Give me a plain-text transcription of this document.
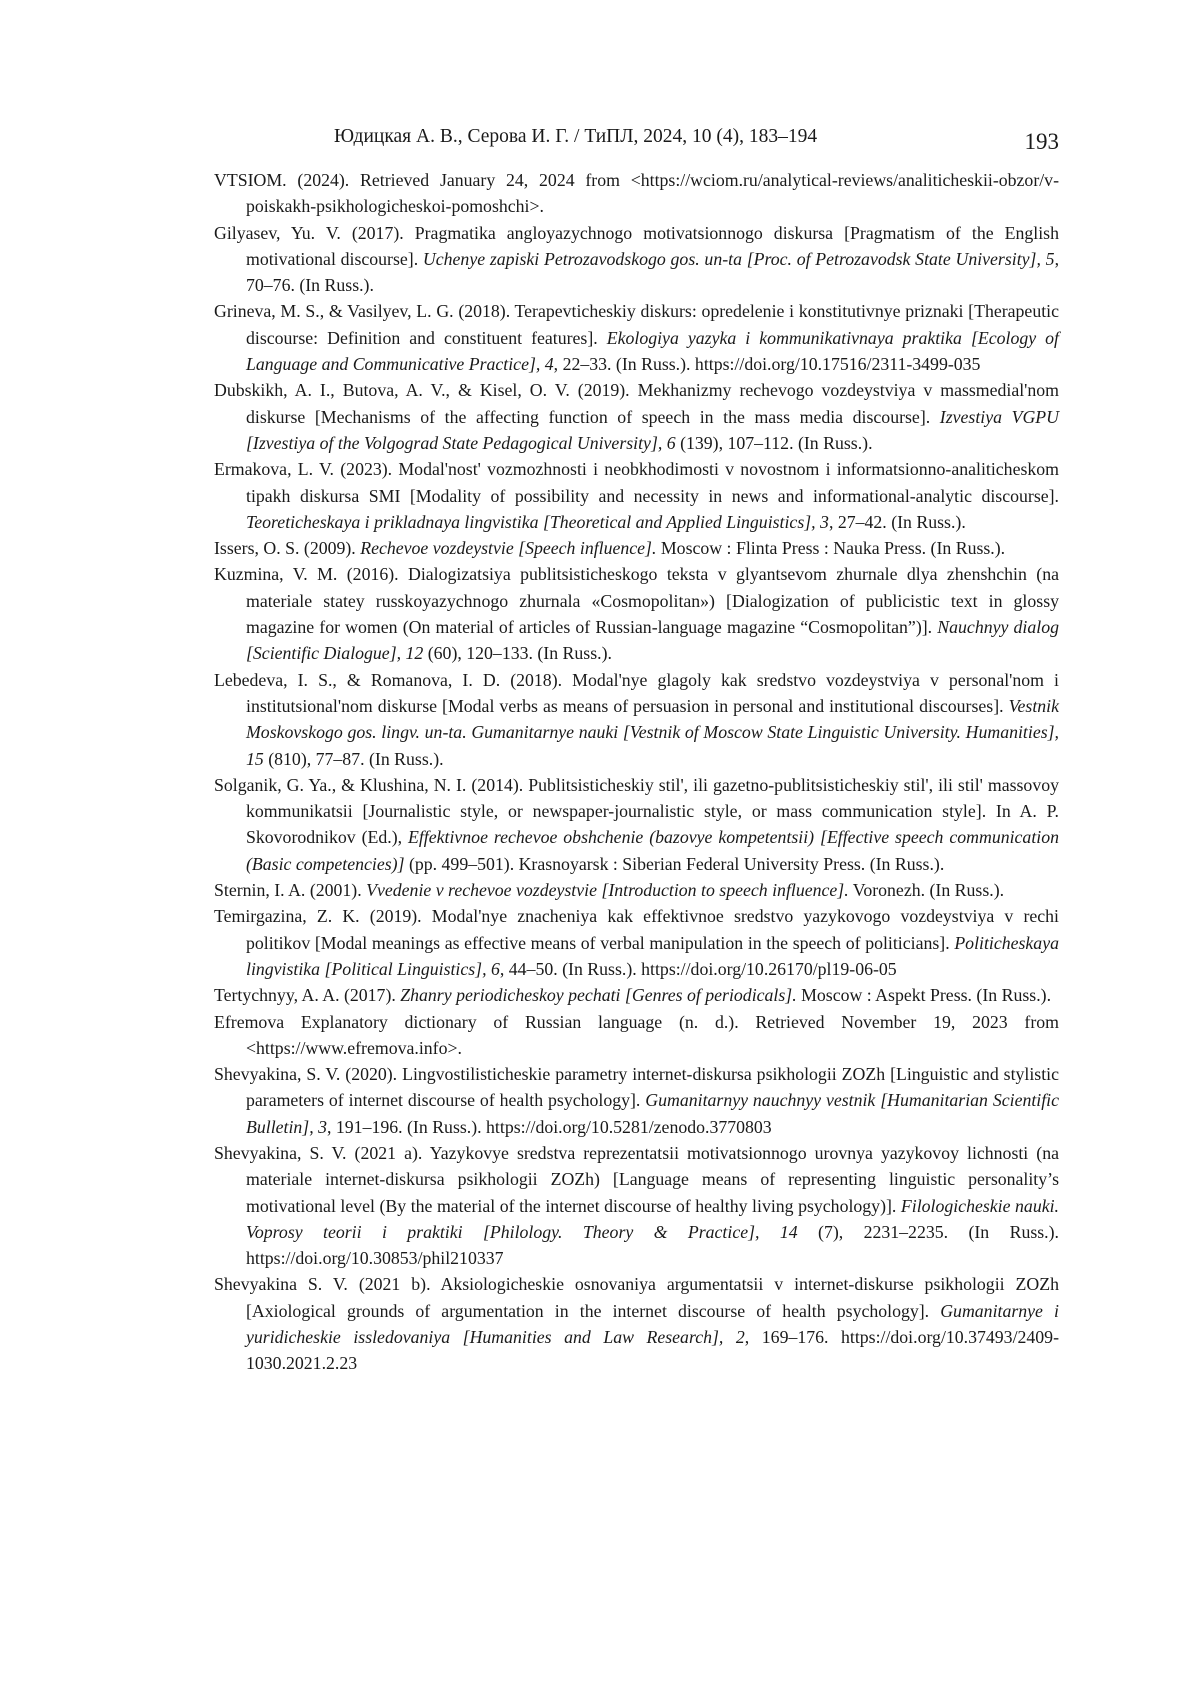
Юдицкая А. В., Серова И. Г. / ТиПЛ, 2024, 10 (4), 183–194	193
VTSIOM. (2024). Retrieved January 24, 2024 from <https://wciom.ru/analytical-reviews/analiticheskii-obzor/v-poiskakh-psikhologicheskoi-pomoshchi>.
Gilyasev, Yu. V. (2017). Pragmatika angloyazychnogo motivatsionnogo diskursa [Pragmatism of the English motivational discourse]. Uchenye zapiski Petrozavodskogo gos. un-ta [Proc. of Petrozavodsk State University], 5, 70–76. (In Russ.).
Grineva, M. S., & Vasilyev, L. G. (2018). Terapevticheskiy diskurs: opredelenie i konstitutivnye priznaki [Therapeutic discourse: Definition and constituent features]. Ekologiya yazyka i kommunikativnaya praktika [Ecology of Language and Communicative Practice], 4, 22–33. (In Russ.). https://doi.org/10.17516/2311-3499-035
Dubskikh, A. I., Butova, A. V., & Kisel, O. V. (2019). Mekhanizmy rechevogo vozdeystviya v massmedial'nom diskurse [Mechanisms of the affecting function of speech in the mass media discourse]. Izvestiya VGPU [Izvestiya of the Volgograd State Pedagogical University], 6 (139), 107–112. (In Russ.).
Ermakova, L. V. (2023). Modal'nost' vozmozhnosti i neobkhodimosti v novostnom i informatsionno-analiticheskom tipakh diskursa SMI [Modality of possibility and necessity in news and informational-analytic discourse]. Teoreticheskaya i prikladnaya lingvistika [Theoretical and Applied Linguistics], 3, 27–42. (In Russ.).
Issers, O. S. (2009). Rechevoe vozdeystvie [Speech influence]. Moscow : Flinta Press : Nauka Press. (In Russ.).
Kuzmina, V. M. (2016). Dialogizatsiya publitsisticheskogo teksta v glyantsevom zhurnale dlya zhenshchin (na materiale statey russkoyazychnogo zhurnala «Cosmopolitan») [Dialogization of publicistic text in glossy magazine for women (On material of articles of Russian-language magazine “Cosmopolitan”)]. Nauchnyy dialog [Scientific Dialogue], 12 (60), 120–133. (In Russ.).
Lebedeva, I. S., & Romanova, I. D. (2018). Modal'nye glagoly kak sredstvo vozdeystviya v personal'nom i institutsional'nom diskurse [Modal verbs as means of persuasion in personal and institutional discourses]. Vestnik Moskovskogo gos. lingv. un-ta. Gumanitarnye nauki [Vestnik of Moscow State Linguistic University. Humanities], 15 (810), 77–87. (In Russ.).
Solganik, G. Ya., & Klushina, N. I. (2014). Publitsisticheskiy stil', ili gazetno-publitsisticheskiy stil', ili stil' massovoy kommunikatsii [Journalistic style, or newspaper-journalistic style, or mass communication style]. In A. P. Skovorodnikov (Ed.), Effektivnoe rechevoe obshchenie (bazovye kompetentsii) [Effective speech communication (Basic competencies)] (pp. 499–501). Krasnoyarsk : Siberian Federal University Press. (In Russ.).
Sternin, I. A. (2001). Vvedenie v rechevoe vozdeystvie [Introduction to speech influence]. Voronezh. (In Russ.).
Temirgazina, Z. K. (2019). Modal'nye znacheniya kak effektivnoe sredstvo yazykovogo vozdeystviya v rechi politikov [Modal meanings as effective means of verbal manipulation in the speech of politicians]. Politicheskaya lingvistika [Political Linguistics], 6, 44–50. (In Russ.). https://doi.org/10.26170/pl19-06-05
Tertychnyy, A. A. (2017). Zhanry periodicheskoy pechati [Genres of periodicals]. Moscow : Aspekt Press. (In Russ.).
Efremova Explanatory dictionary of Russian language (n. d.). Retrieved November 19, 2023 from <https://www.efremova.info>.
Shevyakina, S. V. (2020). Lingvostilisticheskie parametry internet-diskursa psikhologii ZOZh [Linguistic and stylistic parameters of internet discourse of health psychology]. Gumanitarnyy nauchnyy vestnik [Humanitarian Scientific Bulletin], 3, 191–196. (In Russ.). https://doi.org/10.5281/zenodo.3770803
Shevyakina, S. V. (2021 a). Yazykovye sredstva reprezentatsii motivatsionnogo urovnya yazykovoy lichnosti (na materiale internet-diskursa psikhologii ZOZh) [Language means of representing linguistic personality’s motivational level (By the material of the internet discourse of healthy living psychology)]. Filologicheskie nauki. Voprosy teorii i praktiki [Philology. Theory & Practice], 14 (7), 2231–2235. (In Russ.). https://doi.org/10.30853/phil210337
Shevyakina S. V. (2021 b). Aksiologicheskie osnovaniya argumentatsii v internet-diskurse psikhologii ZOZh [Axiological grounds of argumentation in the internet discourse of health psychology]. Gumanitarnye i yuridicheskie issledovaniya [Humanities and Law Research], 2, 169–176. https://doi.org/10.37493/2409-1030.2021.2.23
